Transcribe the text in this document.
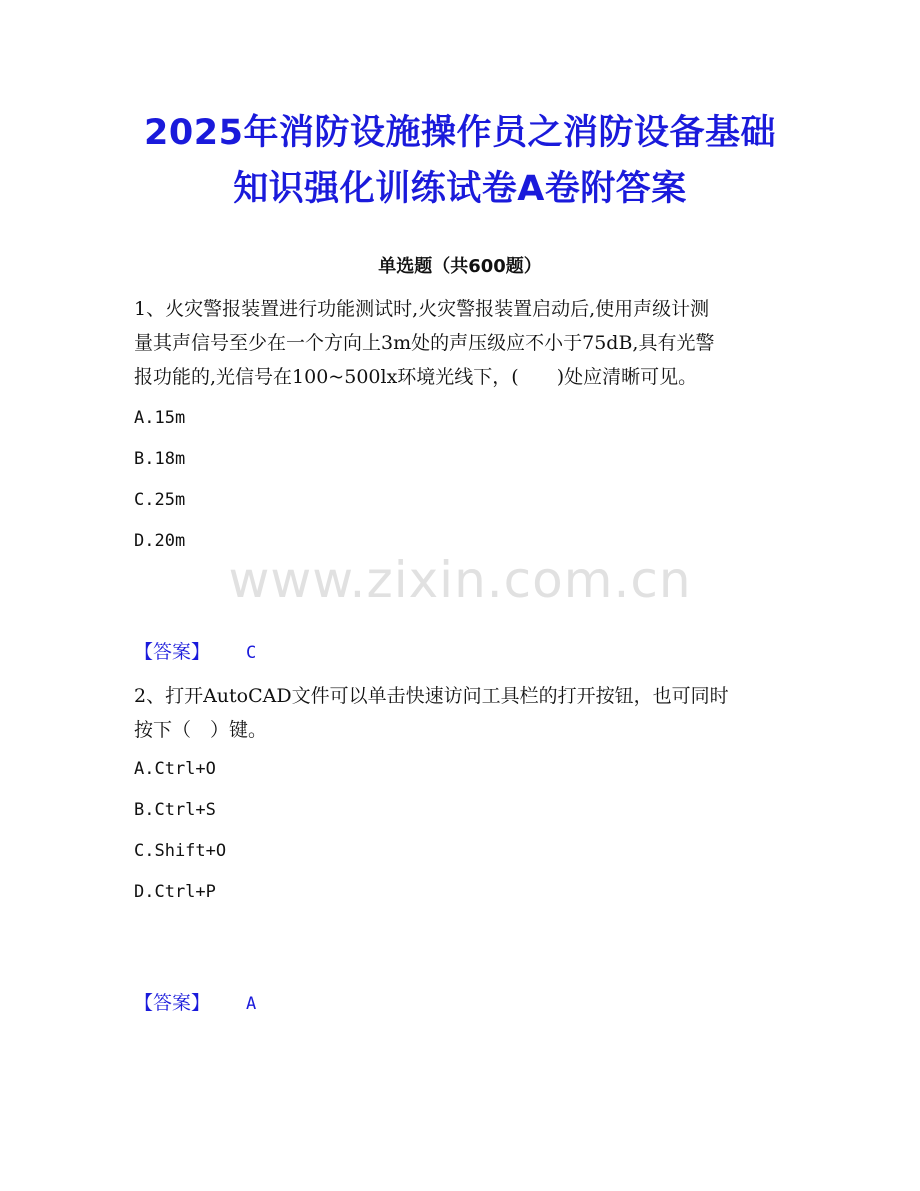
2025年消防设施操作员之消防设备基础
知识强化训练试卷A卷附答案
单选题（共600题）
1、火灾警报装置进行功能测试时,火灾警报装置启动后,使用声级计测
量其声信号至少在一个方向上3m处的声压级应不小于75dB,具有光警
报功能的,光信号在100~500lx环境光线下，(　　)处应清晰可见。
A.15m
B.18m
C.25m
D.20m
www.zixin.com.cn
【答案】 C
2、打开AutoCAD文件可以单击快速访问工具栏的打开按钮，也可同时
按下（　）键。
A.Ctrl+O
B.Ctrl+S
C.Shift+O
D.Ctrl+P
【答案】 A
